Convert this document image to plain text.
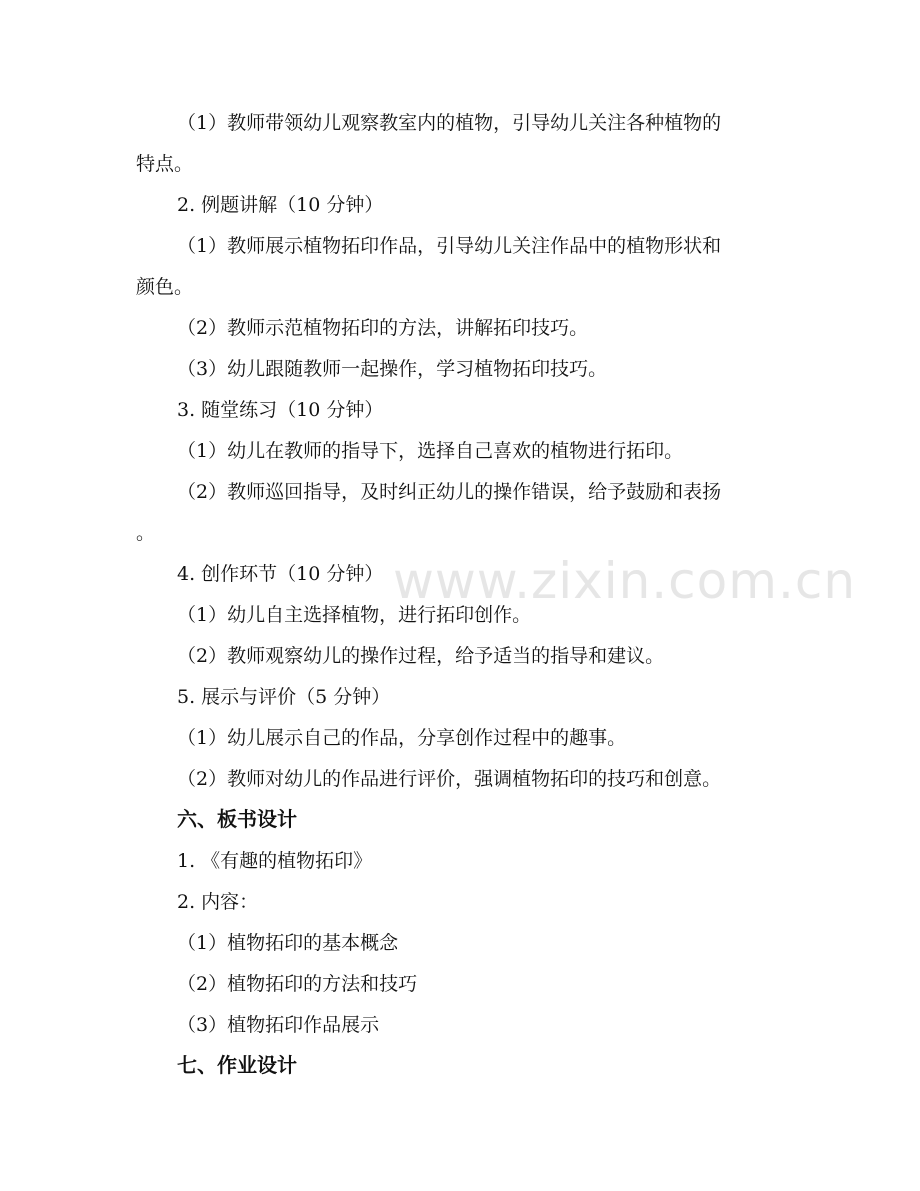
www.zixin.com.cn
（1）教师带领幼儿观察教室内的植物，引导幼儿关注各种植物的
特点。
2. 例题讲解（10 分钟）
（1）教师展示植物拓印作品，引导幼儿关注作品中的植物形状和
颜色。
（2）教师示范植物拓印的方法，讲解拓印技巧。
（3）幼儿跟随教师一起操作，学习植物拓印技巧。
3. 随堂练习（10 分钟）
（1）幼儿在教师的指导下，选择自己喜欢的植物进行拓印。
（2）教师巡回指导，及时纠正幼儿的操作错误，给予鼓励和表扬
。
4. 创作环节（10 分钟）
（1）幼儿自主选择植物，进行拓印创作。
（2）教师观察幼儿的操作过程，给予适当的指导和建议。
5. 展示与评价（5 分钟）
（1）幼儿展示自己的作品，分享创作过程中的趣事。
（2）教师对幼儿的作品进行评价，强调植物拓印的技巧和创意。
六、板书设计
1. 《有趣的植物拓印》
2. 内容：
（1）植物拓印的基本概念
（2）植物拓印的方法和技巧
（3）植物拓印作品展示
七、作业设计
